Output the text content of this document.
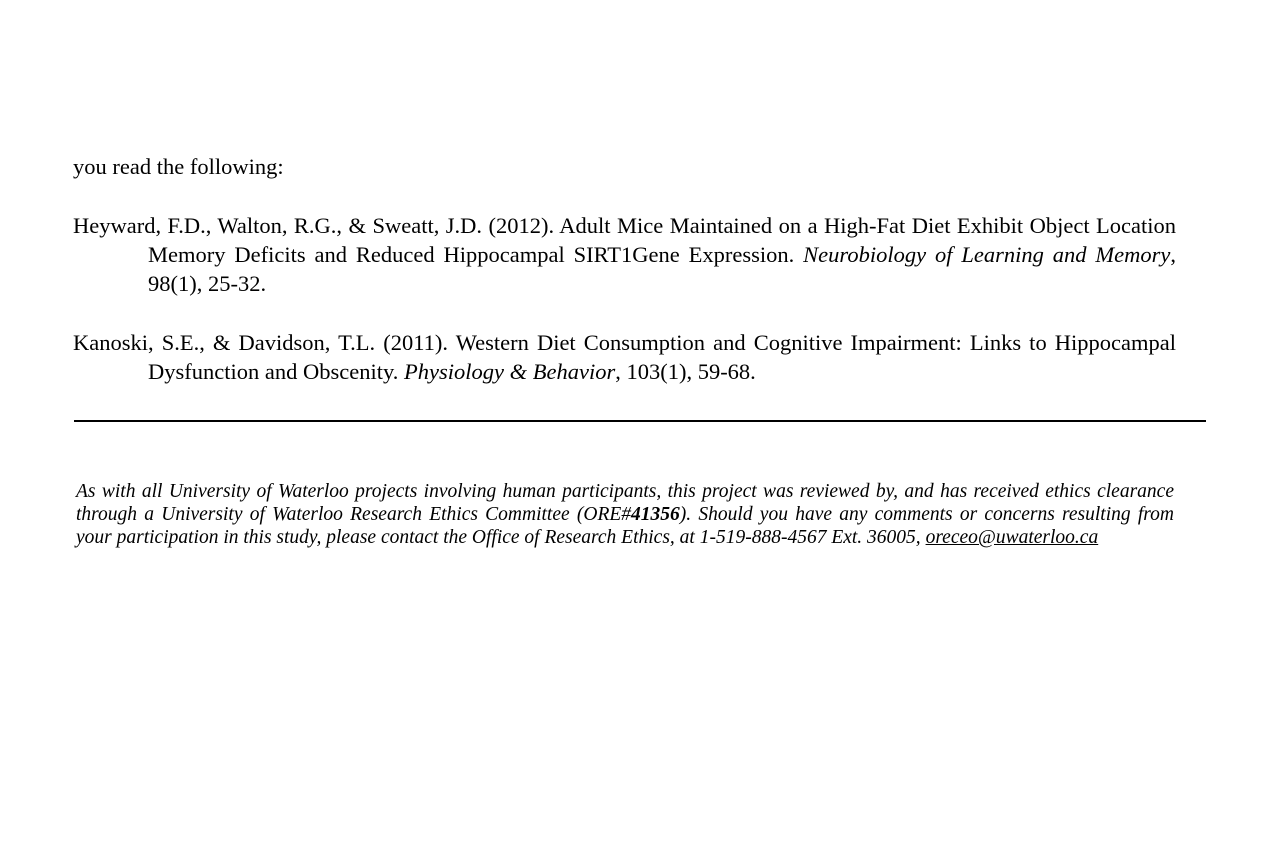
you read the following:
Heyward, F.D., Walton, R.G., & Sweatt, J.D. (2012). Adult Mice Maintained on a High-Fat Diet Exhibit Object Location Memory Deficits and Reduced Hippocampal SIRT1Gene Expression. Neurobiology of Learning and Memory, 98(1), 25-32.
Kanoski, S.E., & Davidson, T.L. (2011). Western Diet Consumption and Cognitive Impairment: Links to Hippocampal Dysfunction and Obscenity. Physiology & Behavior, 103(1), 59-68.
As with all University of Waterloo projects involving human participants, this project was reviewed by, and has received ethics clearance through a University of Waterloo Research Ethics Committee (ORE#41356). Should you have any comments or concerns resulting from your participation in this study, please contact the Office of Research Ethics, at 1-519-888-4567 Ext. 36005, oreceo@uwaterloo.ca
